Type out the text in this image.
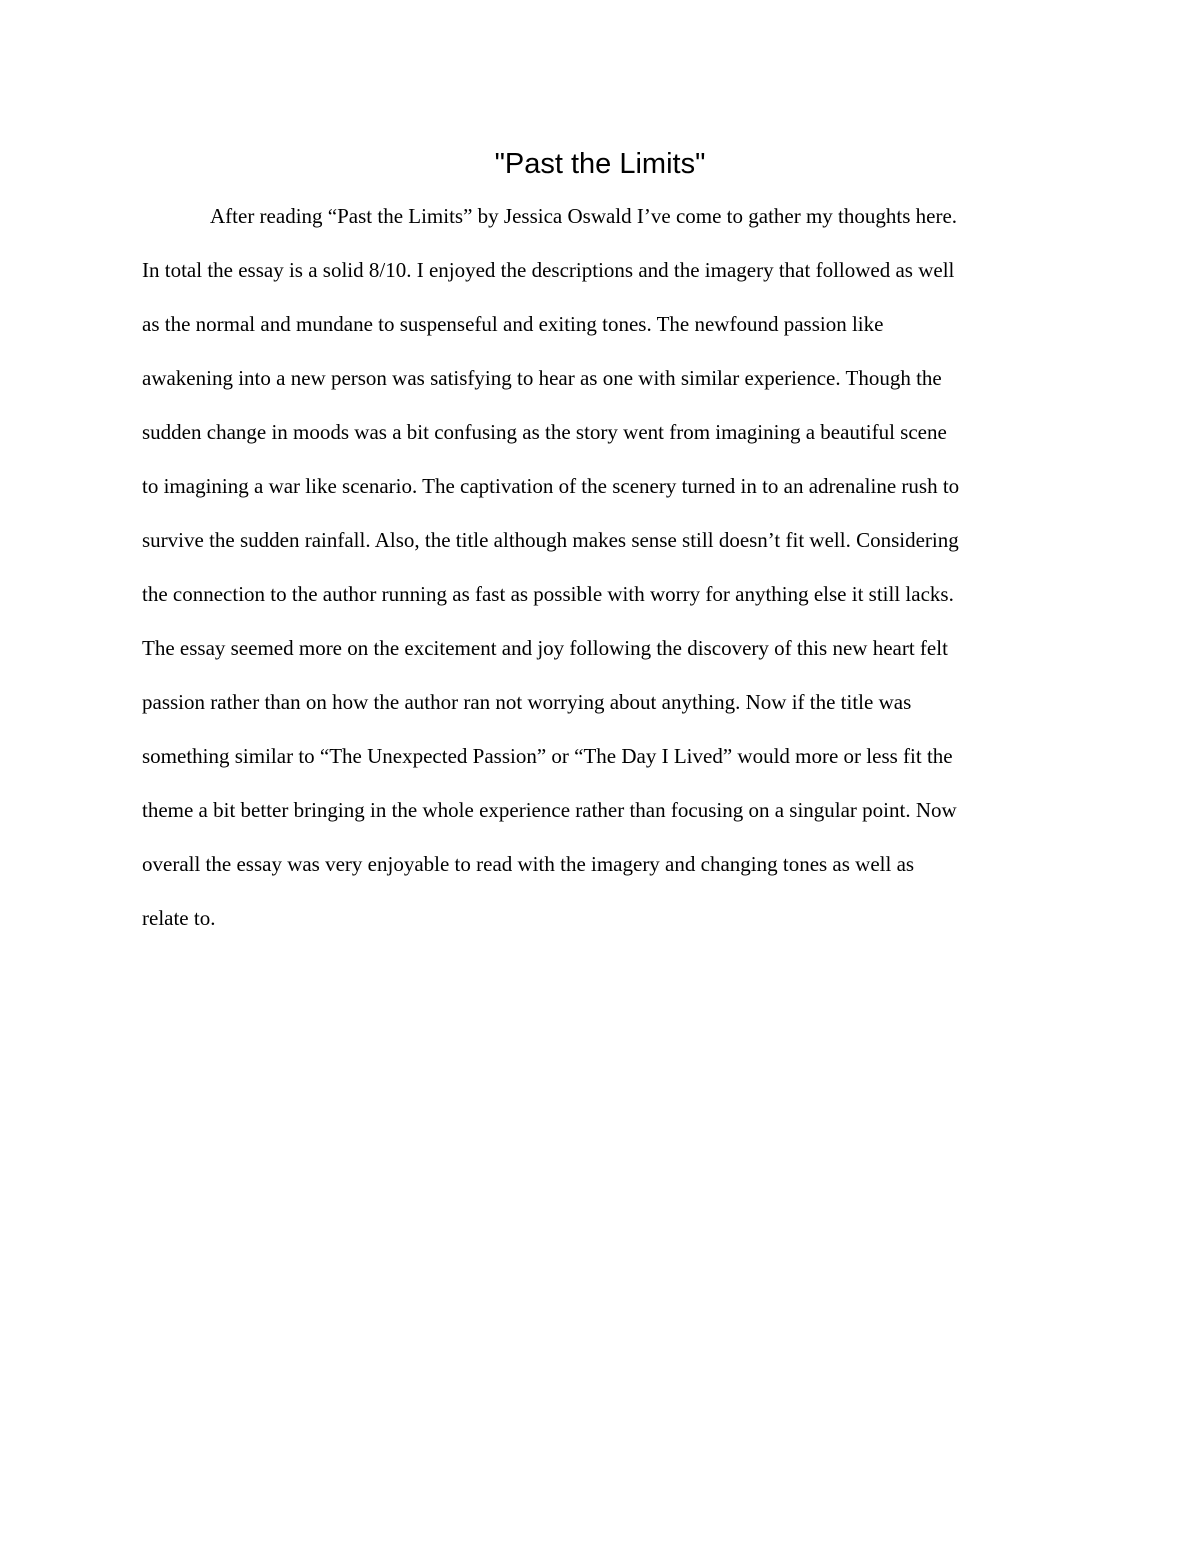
"Past the Limits"
After reading “Past the Limits” by Jessica Oswald I’ve come to gather my thoughts here.
In total the essay is a solid 8/10. I enjoyed the descriptions and the imagery that followed as well
as the normal and mundane to suspenseful and exiting tones. The newfound passion like
awakening into a new person was satisfying to hear as one with similar experience. Though the
sudden change in moods was a bit confusing as the story went from imagining a beautiful scene
to imagining a war like scenario. The captivation of the scenery turned in to an adrenaline rush to
survive the sudden rainfall. Also, the title although makes sense still doesn’t fit well. Considering
the connection to the author running as fast as possible with worry for anything else it still lacks.
The essay seemed more on the excitement and joy following the discovery of this new heart felt
passion rather than on how the author ran not worrying about anything. Now if the title was
something similar to “The Unexpected Passion” or “The Day I Lived” would more or less fit the
theme a bit better bringing in the whole experience rather than focusing on a singular point. Now
overall the essay was very enjoyable to read with the imagery and changing tones as well as
relate to.
